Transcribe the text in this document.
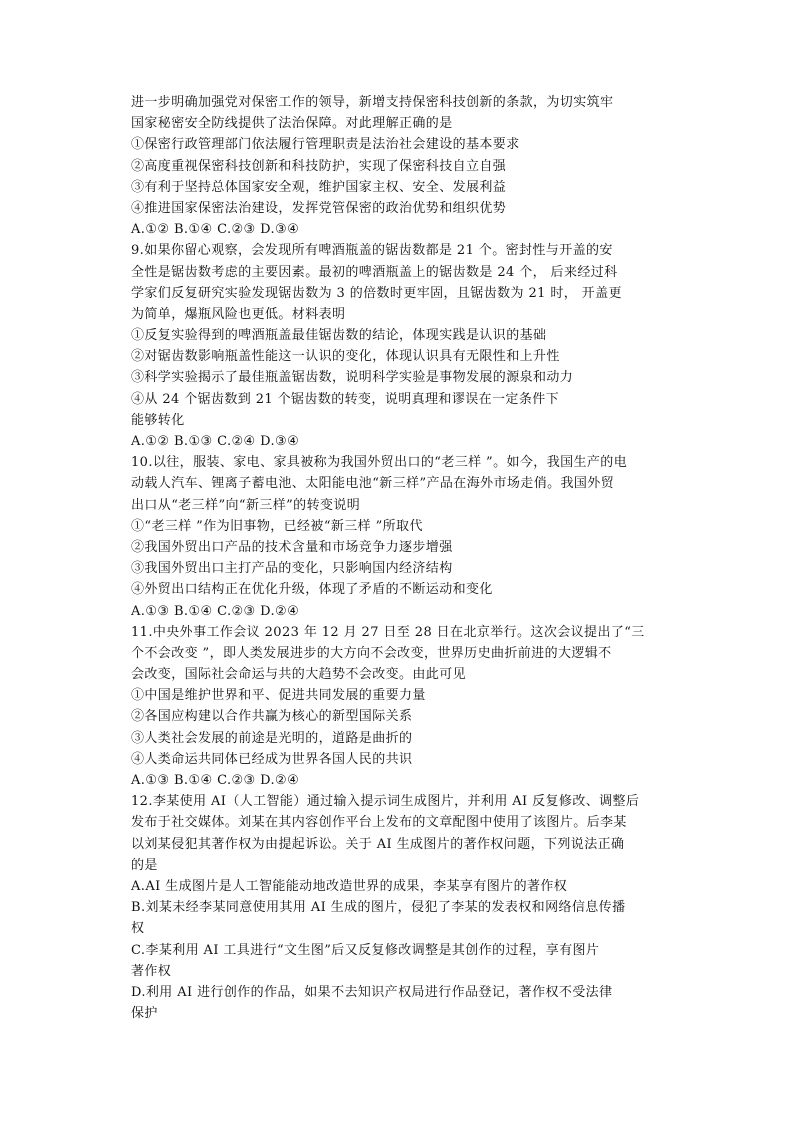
进一步明确加强党对保密工作的领导，新增支持保密科技创新的条款，为切实筑牢
国家秘密安全防线提供了法治保障。对此理解正确的是
①保密行政管理部门依法履行管理职责是法治社会建设的基本要求
②高度重视保密科技创新和科技防护，实现了保密科技自立自强
③有利于坚持总体国家安全观，维护国家主权、安全、发展利益
④推进国家保密法治建设，发挥党管保密的政治优势和组织优势
A.①② B.①④ C.②③ D.③④
9.如果你留心观察，会发现所有啤酒瓶盖的锯齿数都是 21 个。密封性与开盖的安
全性是锯齿数考虑的主要因素。最初的啤酒瓶盖上的锯齿数是 24 个， 后来经过科
学家们反复研究实验发现锯齿数为 3 的倍数时更牢固，且锯齿数为 21 时， 开盖更
为简单，爆瓶风险也更低。材料表明
①反复实验得到的啤酒瓶盖最佳锯齿数的结论，体现实践是认识的基础
②对锯齿数影响瓶盖性能这一认识的变化，体现认识具有无限性和上升性
③科学实验揭示了最佳瓶盖锯齿数，说明科学实验是事物发展的源泉和动力
④从 24 个锯齿数到 21 个锯齿数的转变，说明真理和谬误在一定条件下
能够转化
A.①② B.①③ C.②④ D.③④
10.以往，服装、家电、家具被称为我国外贸出口的“老三样 ”。如今，我国生产的电
动载人汽车、锂离子蓄电池、太阳能电池“新三样”产品在海外市场走俏。我国外贸
出口从“老三样”向“新三样”的转变说明
①“老三样 ”作为旧事物，已经被“新三样 ”所取代
②我国外贸出口产品的技术含量和市场竞争力逐步增强
③我国外贸出口主打产品的变化，只影响国内经济结构
④外贸出口结构正在优化升级，体现了矛盾的不断运动和变化
A.①③ B.①④ C.②③ D.②④
11.中央外事工作会议 2023 年 12 月 27 日至 28 日在北京举行。这次会议提出了“三
个不会改变 ”，即人类发展进步的大方向不会改变，世界历史曲折前进的大逻辑不
会改变，国际社会命运与共的大趋势不会改变。由此可见
①中国是维护世界和平、促进共同发展的重要力量
②各国应构建以合作共赢为核心的新型国际关系
③人类社会发展的前途是光明的，道路是曲折的
④人类命运共同体已经成为世界各国人民的共识
A.①③ B.①④ C.②③ D.②④
12.李某使用 AI（人工智能）通过输入提示词生成图片，并利用 AI 反复修改、调整后
发布于社交媒体。刘某在其内容创作平台上发布的文章配图中使用了该图片。后李某
以刘某侵犯其著作权为由提起诉讼。关于 AI 生成图片的著作权问题，下列说法正确
的是
A.AI 生成图片是人工智能能动地改造世界的成果，李某享有图片的著作权
B.刘某未经李某同意使用其用 AI 生成的图片，侵犯了李某的发表权和网络信息传播
权
C.李某利用 AI 工具进行“文生图”后又反复修改调整是其创作的过程，享有图片
著作权
D.利用 AI 进行创作的作品，如果不去知识产权局进行作品登记，著作权不受法律
保护
